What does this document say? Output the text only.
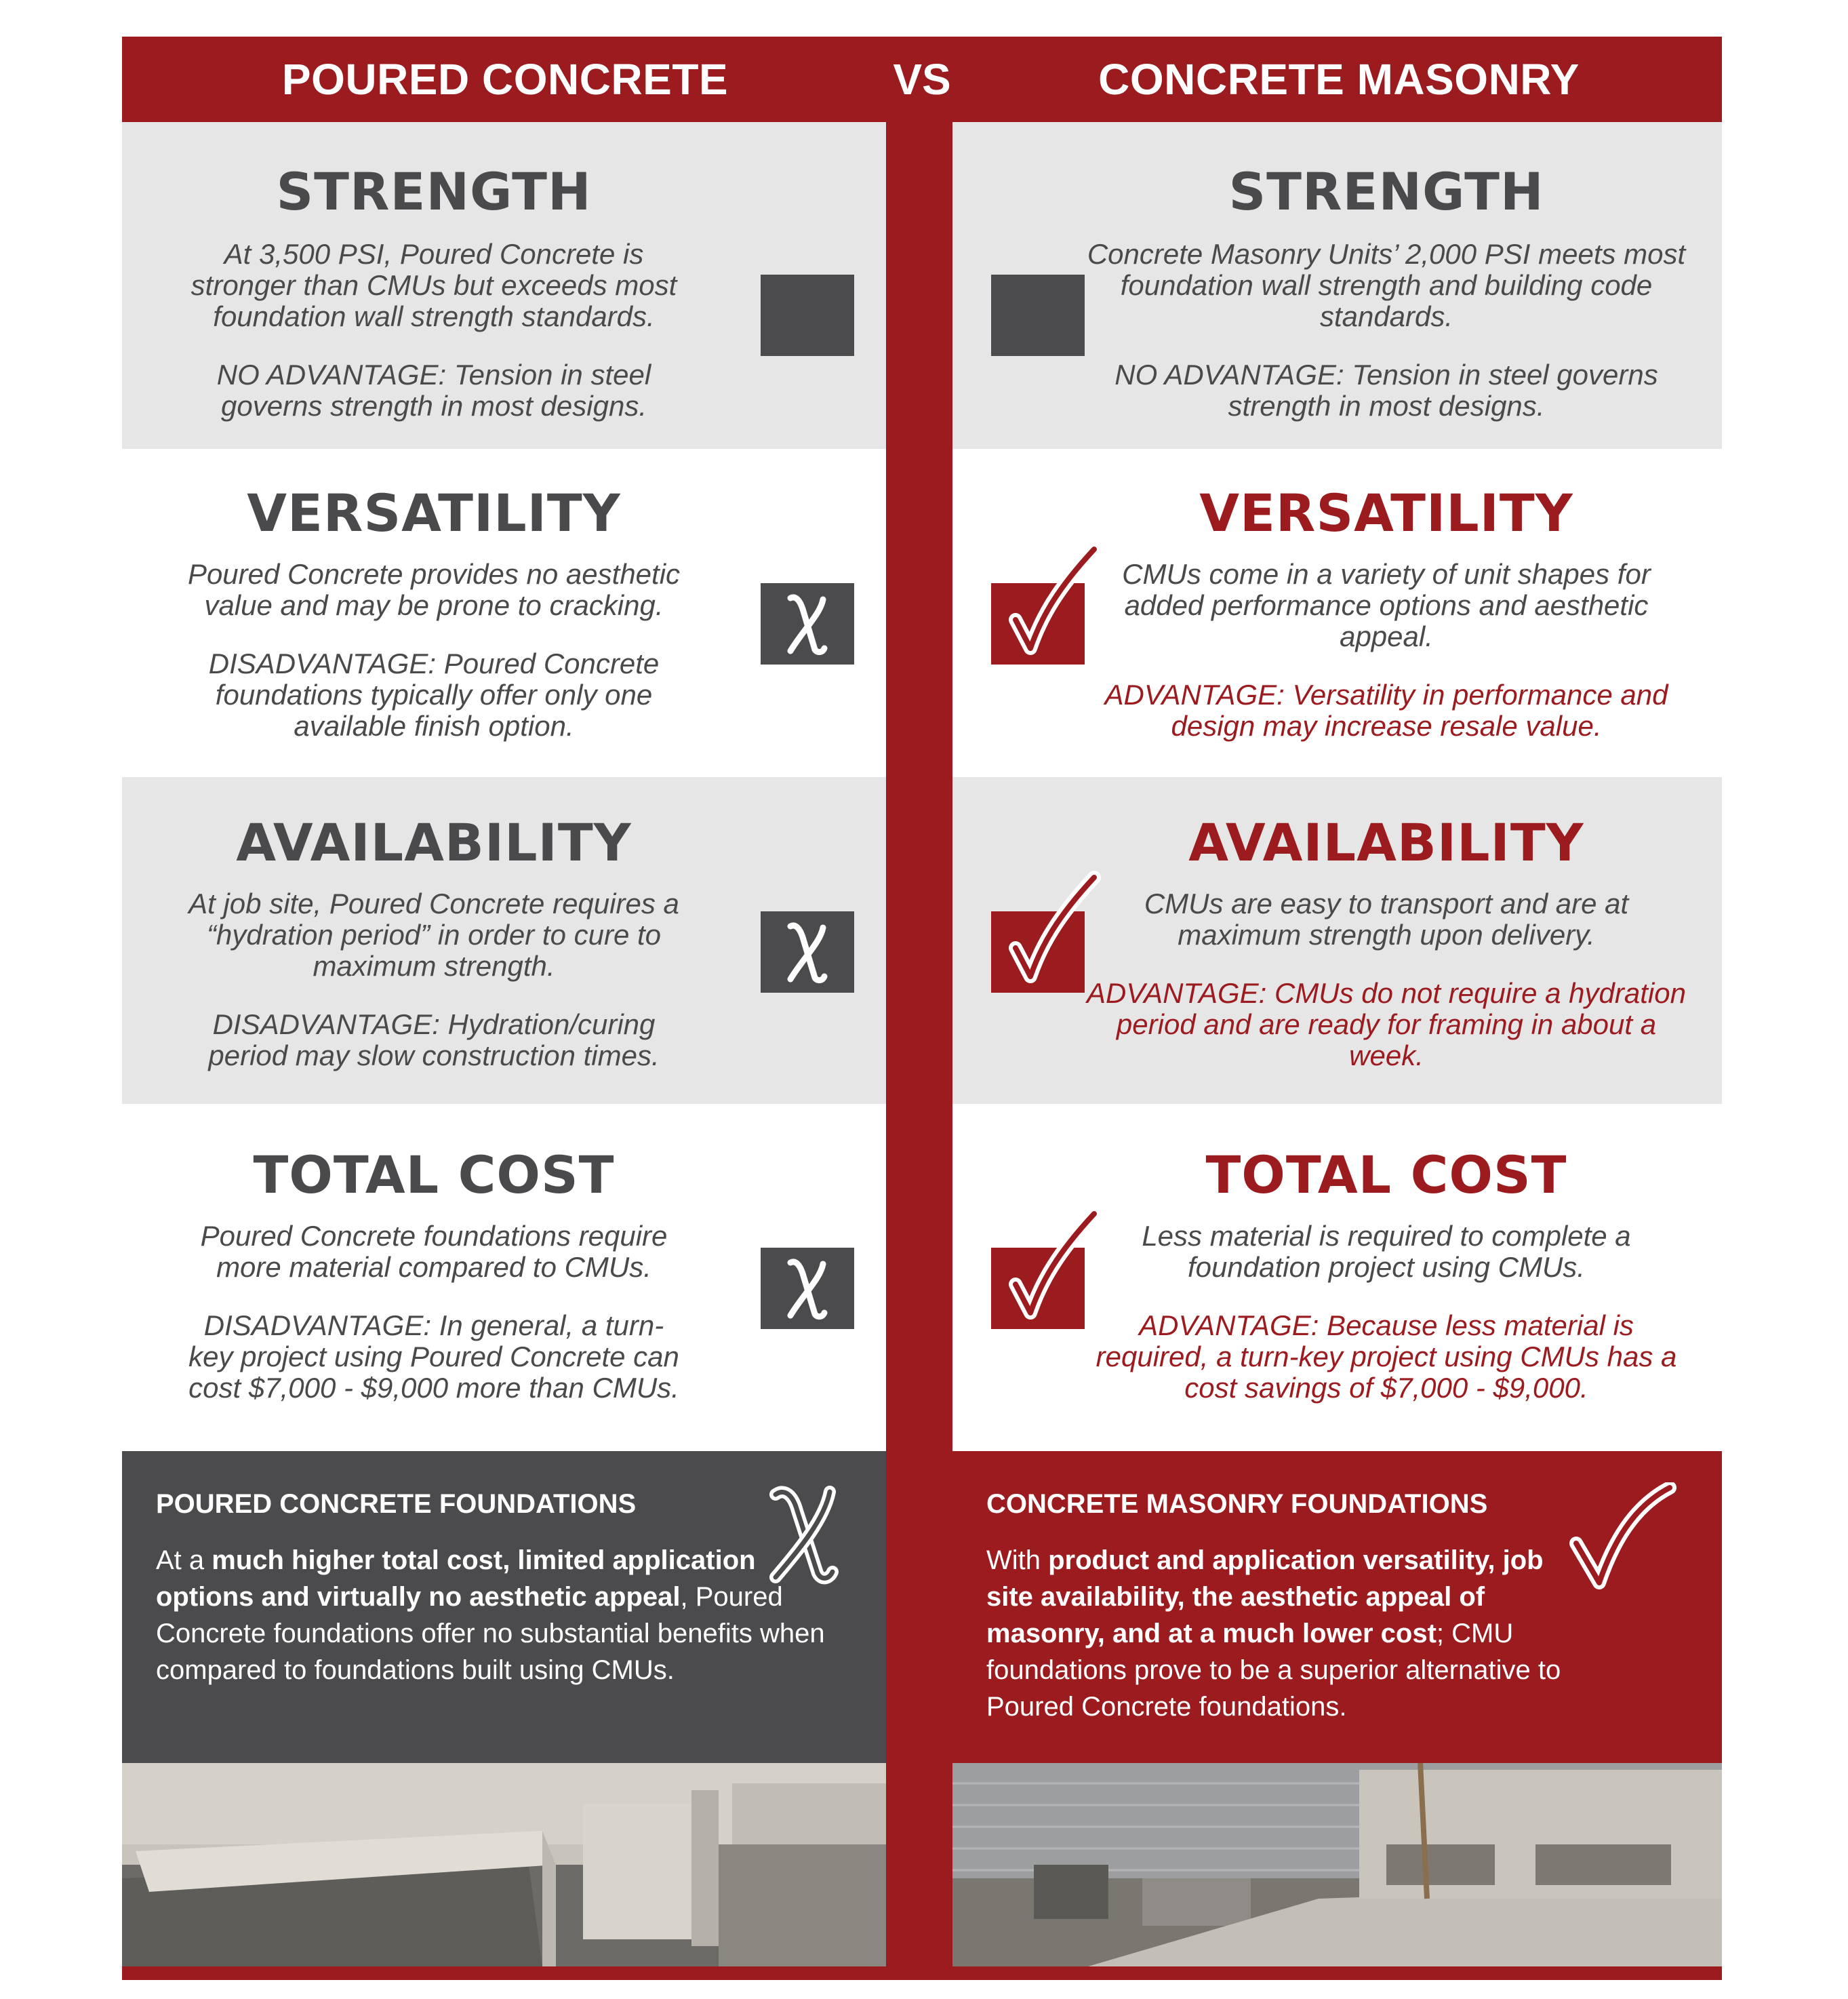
POURED CONCRETE	VS	CONCRETE MASONRY
STRENGTH

At 3,500 PSI, Poured Concrete is stronger than CMUs but exceeds most foundation wall strength standards.

NO ADVANTAGE: Tension in steel governs strength in most designs.

STRENGTH

Concrete Masonry Units’ 2,000 PSI meets most foundation wall strength and building code standards.

NO ADVANTAGE: Tension in steel governs strength in most designs.

VERSATILITY

Poured Concrete provides no aesthetic value and may be prone to cracking.

DISADVANTAGE: Poured Concrete foundations typically offer only one available finish option.

VERSATILITY

CMUs come in a variety of unit shapes for added performance options and aesthetic appeal.

ADVANTAGE: Versatility in performance and design may increase resale value.

AVAILABILITY

At job site, Poured Concrete requires a “hydration period” in order to cure to maximum strength.

DISADVANTAGE: Hydration/curing period may slow construction times.

AVAILABILITY

CMUs are easy to transport and are at maximum strength upon delivery.

ADVANTAGE: CMUs do not require a hydration period and are ready for framing in about a week.

TOTAL COST

Poured Concrete foundations require more material compared to CMUs.

DISADVANTAGE: In general, a turn-key project using Poured Concrete can cost $7,000 - $9,000 more than CMUs.

TOTAL COST

Less material is required to complete a foundation project using CMUs.

ADVANTAGE: Because less material is required, a turn-key project using CMUs has a cost savings of $7,000 - $9,000.

POURED CONCRETE FOUNDATIONS
At a much higher total cost, limited application options and virtually no aesthetic appeal, Poured Concrete foundations offer no substantial benefits when compared to foundations built using CMUs.
CONCRETE MASONRY FOUNDATIONS
With product and application versatility, job site availability, the aesthetic appeal of masonry, and at a much lower cost; CMU foundations prove to be a superior alternative to Poured Concrete foundations.
